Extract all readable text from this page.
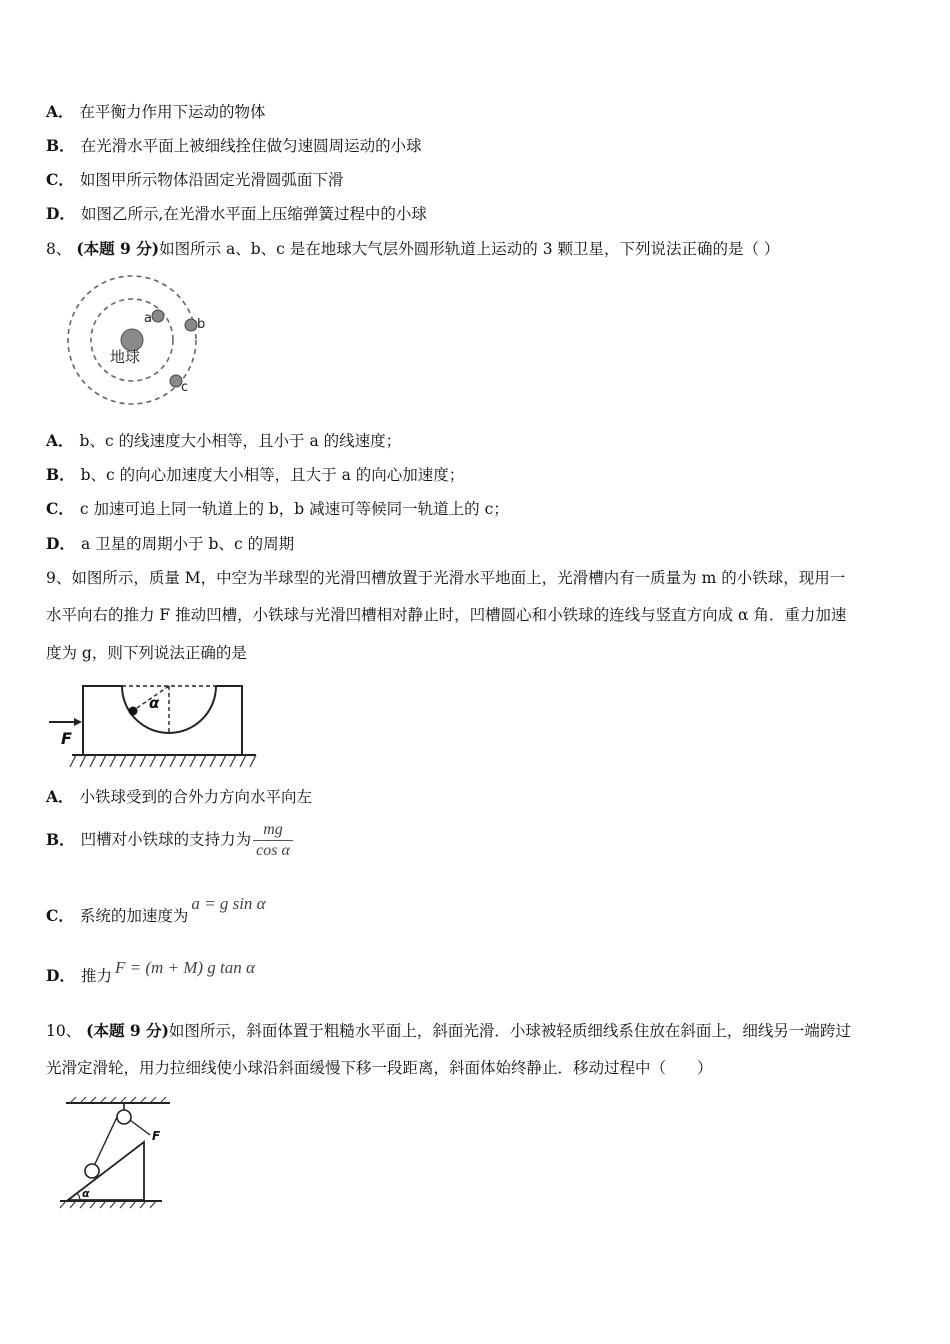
A． 在平衡力作用下运动的物体
B． 在光滑水平面上被细线拴住做匀速圆周运动的小球
C． 如图甲所示物体沿固定光滑圆弧面下滑
D． 如图乙所示,在光滑水平面上压缩弹簧过程中的小球
8、 (本题 9 分)如图所示 a、b、c 是在地球大气层外圆形轨道上运动的 3 颗卫星，下列说法正确的是（ ）
地球
a	b
c
A． b、c 的线速度大小相等，且小于 a 的线速度；
B． b、c 的向心加速度大小相等，且大于 a 的向心加速度；
C． c 加速可追上同一轨道上的 b，b 减速可等候同一轨道上的 c；
D． a 卫星的周期小于 b、c 的周期
9、如图所示，质量 M，中空为半球型的光滑凹槽放置于光滑水平地面上，光滑槽内有一质量为 m 的小铁球，现用一
水平向右的推力 F 推动凹槽，小铁球与光滑凹槽相对静止时，凹槽圆心和小铁球的连线与竖直方向成 α 角．重力加速
度为 g，则下列说法正确的是
α
F
A． 小铁球受到的合外力方向水平向左
B． 凹槽对小铁球的支持力为 $\frac{mg}{\text{cos α}}$
C． 系统的加速度为a = g sin α
D． 推力 F = (m + M) g tan α
10、 (本题 9 分)如图所示，斜面体置于粗糙水平面上，斜面光滑．小球被轻质细线系住放在斜面上，细线另一端跨过
光滑定滑轮，用力拉细线使小球沿斜面缓慢下移一段距离，斜面体始终静止．移动过程中（　　）
F
α
